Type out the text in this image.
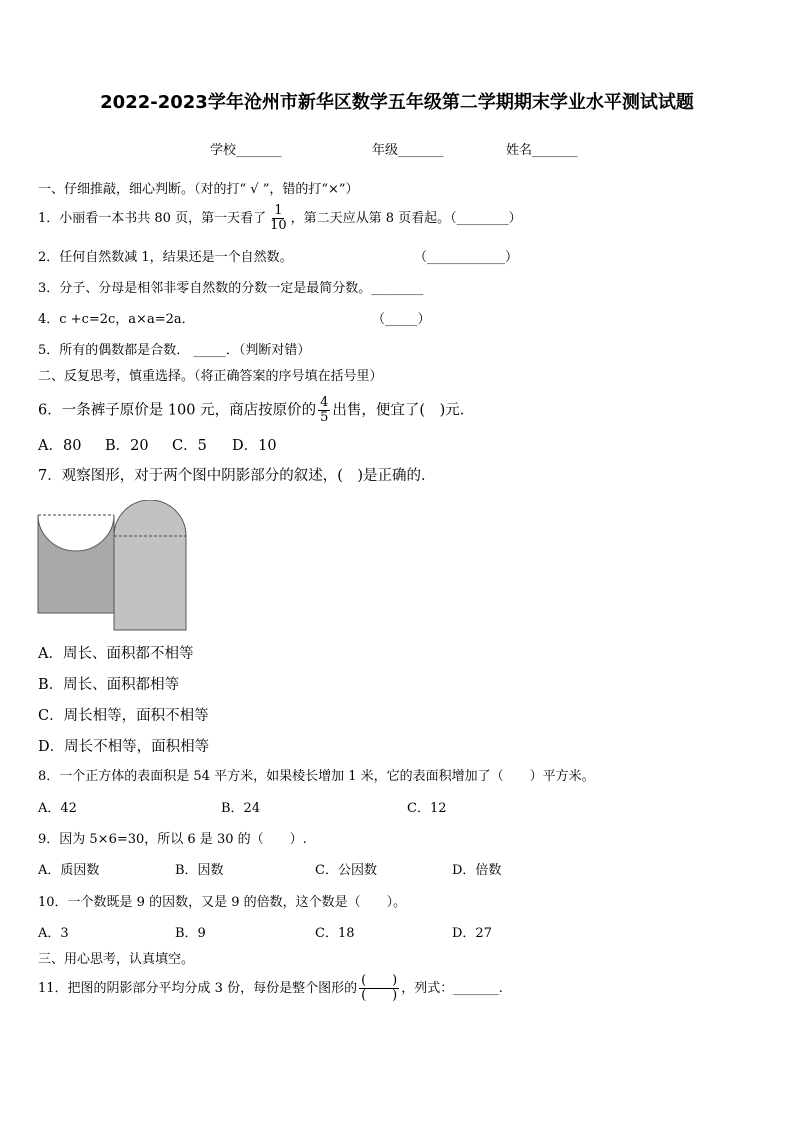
2022-2023学年沧州市新华区数学五年级第二学期期末学业水平测试试题
学校_______	年级_______	姓名_______
一、仔细推敲，细心判断。（对的打“ √ ”，错的打“×”）
1．小丽看一本书共 80 页，第一天看了 $\frac{1}{10}$ ，第二天应从第 8 页看起。（________）
2．任何自然数减 1，结果还是一个自然数。	（____________）
3．分子、分母是相邻非零自然数的分数一定是最简分数。________
4．c +c=2c，a×a=2a．	（_____）
5．所有的偶数都是合数． _____．（判断对错）
二、反复思考，慎重选择。（将正确答案的序号填在括号里）
6．一条裤子原价是 100 元，商店按原价的 $\frac{4}{5}$ 出售，便宜了(　)元．
A．80 B．20 C．5 D．10
7．观察图形，对于两个图中阴影部分的叙述，(　)是正确的．
A．周长、面积都不相等
B．周长、面积都相等
C．周长相等，面积不相等
D．周长不相等，面积相等
8．一个正方体的表面积是 54 平方米，如果棱长增加 1 米，它的表面积增加了（　　）平方米。
A．42	B．24	C．12
9．因为 5×6=30，所以 6 是 30 的（　　）.
A．质因数	B．因数	C．公因数	D．倍数
10．一个数既是 9 的因数，又是 9 的倍数，这个数是（　　）。
A．3	B．9	C．18	D．27
三、用心思考，认真填空。
11．把图的阴影部分平均分成 3 份，每份是整个图形的 $\frac{( )}{( )}$ ，列式：_______.
